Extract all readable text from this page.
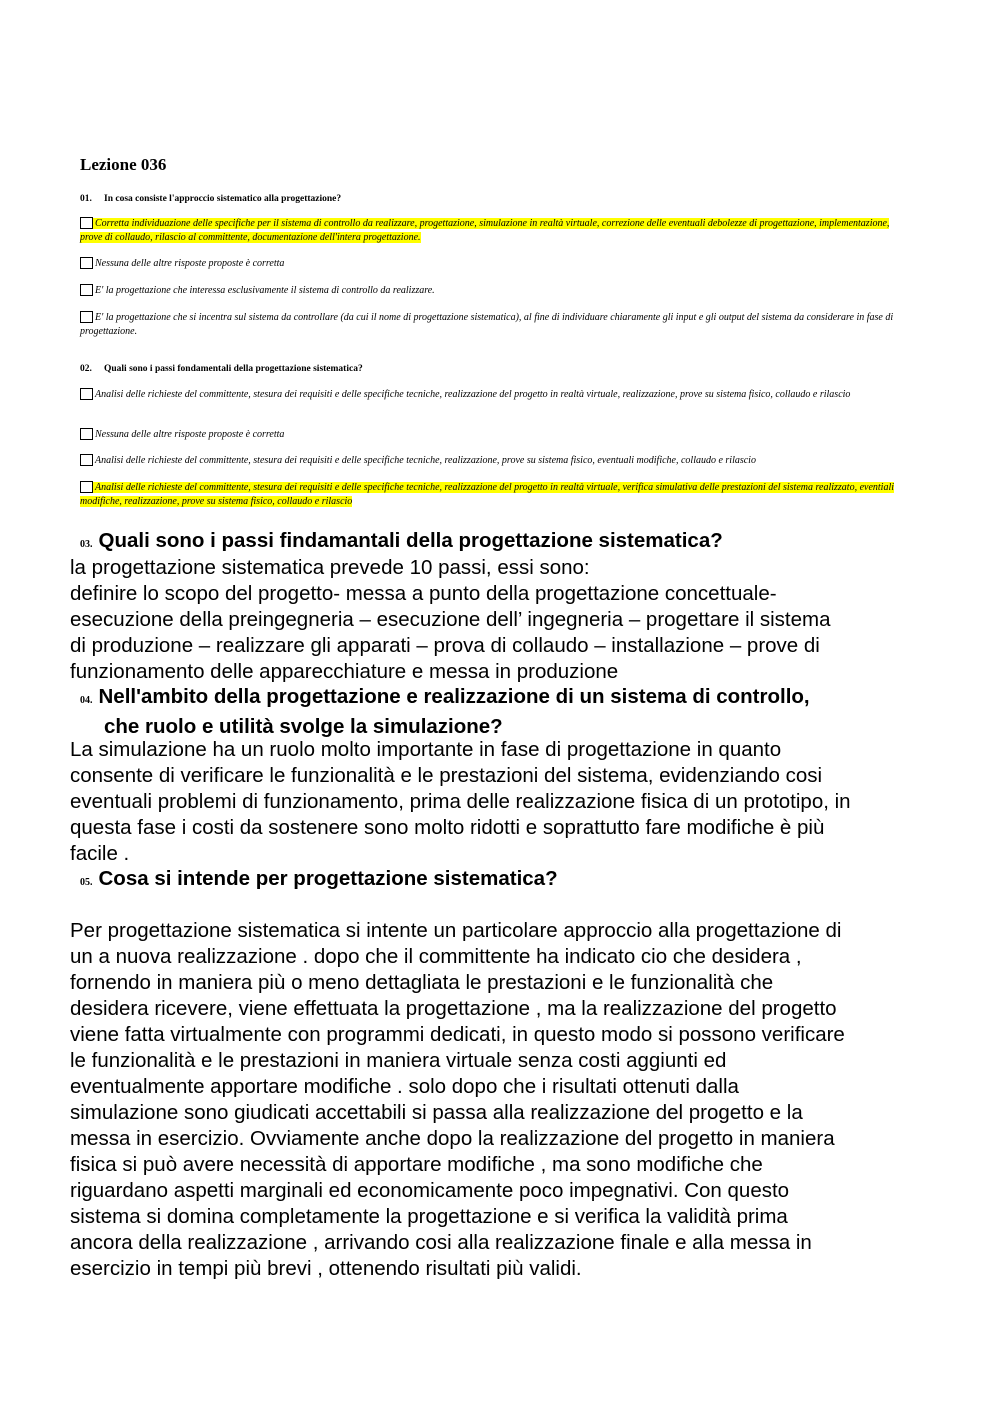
Lezione 036
01. In cosa consiste l'approccio sistematico alla progettazione?
Corretta individuazione delle specifiche per il sistema di controllo da realizzare, progettazione, simulazione in realtà virtuale, correzione delle eventuali debolezze di progettazione, implementazione, prove di collaudo, rilascio al committente, documentazione dell'intera progettazione.
Nessuna delle altre risposte proposte è corretta
E' la progettazione che interessa esclusivamente il sistema di controllo da realizzare.
E' la progettazione che si incentra sul sistema da controllare (da cui il nome di progettazione sistematica), al fine di individuare chiaramente gli input e gli output del sistema da considerare in fase di progettazione.
02. Quali sono i passi fondamentali della progettazione sistematica?
Analisi delle richieste del committente, stesura dei requisiti e delle specifiche tecniche, realizzazione del progetto in realtà virtuale, realizzazione, prove su sistema fisico, collaudo e rilascio
Nessuna delle altre risposte proposte è corretta
Analisi delle richieste del committente, stesura dei requisiti e delle specifiche tecniche, realizzazione, prove su sistema fisico, eventuali modifiche, collaudo e rilascio
Analisi delle richieste del committente, stesura dei requisiti e delle specifiche tecniche, realizzazione del progetto in realtà virtuale, verifica simulativa delle prestazioni del sistema realizzato, eventiali modifiche, realizzazione, prove su sistema fisico, collaudo e rilascio
03. Quali sono i passi findamantali della progettazione sistematica?
la progettazione sistematica prevede 10 passi, essi sono:
definire lo scopo del progetto- messa a punto della progettazione concettuale-
esecuzione della preingegneria – esecuzione dell’ ingegneria – progettare il sistema
di produzione – realizzare gli apparati – prova di collaudo – installazione – prove di
funzionamento delle apparecchiature e messa in produzione
04. Nell'ambito della progettazione e realizzazione di un sistema di controllo,
che ruolo e utilità svolge la simulazione?
La simulazione ha un ruolo molto importante in fase di progettazione in quanto
consente di verificare le funzionalità e le prestazioni del sistema, evidenziando cosi
eventuali problemi di funzionamento, prima delle realizzazione fisica di un prototipo, in
questa fase i costi da sostenere sono molto ridotti e soprattutto fare modifiche è più
facile .
05. Cosa si intende per progettazione sistematica?
Per progettazione sistematica si intente un particolare approccio alla progettazione di
un a nuova realizzazione . dopo che il committente ha indicato cio che desidera ,
fornendo in maniera più o meno dettagliata le prestazioni e le funzionalità che
desidera ricevere, viene effettuata la progettazione , ma la realizzazione del progetto
viene fatta virtualmente con programmi dedicati, in questo modo si possono verificare
le funzionalità e le prestazioni in maniera virtuale senza costi aggiunti ed
eventualmente apportare modifiche . solo dopo che i risultati ottenuti dalla
simulazione sono giudicati accettabili si passa alla realizzazione del progetto e la
messa in esercizio. Ovviamente anche dopo la realizzazione del progetto in maniera
fisica si può avere necessità di apportare modifiche , ma sono modifiche che
riguardano aspetti marginali ed economicamente poco impegnativi. Con questo
sistema si domina completamente la progettazione e si verifica la validità prima
ancora della realizzazione , arrivando cosi alla realizzazione finale e alla messa in
esercizio in tempi più brevi , ottenendo risultati più validi.
